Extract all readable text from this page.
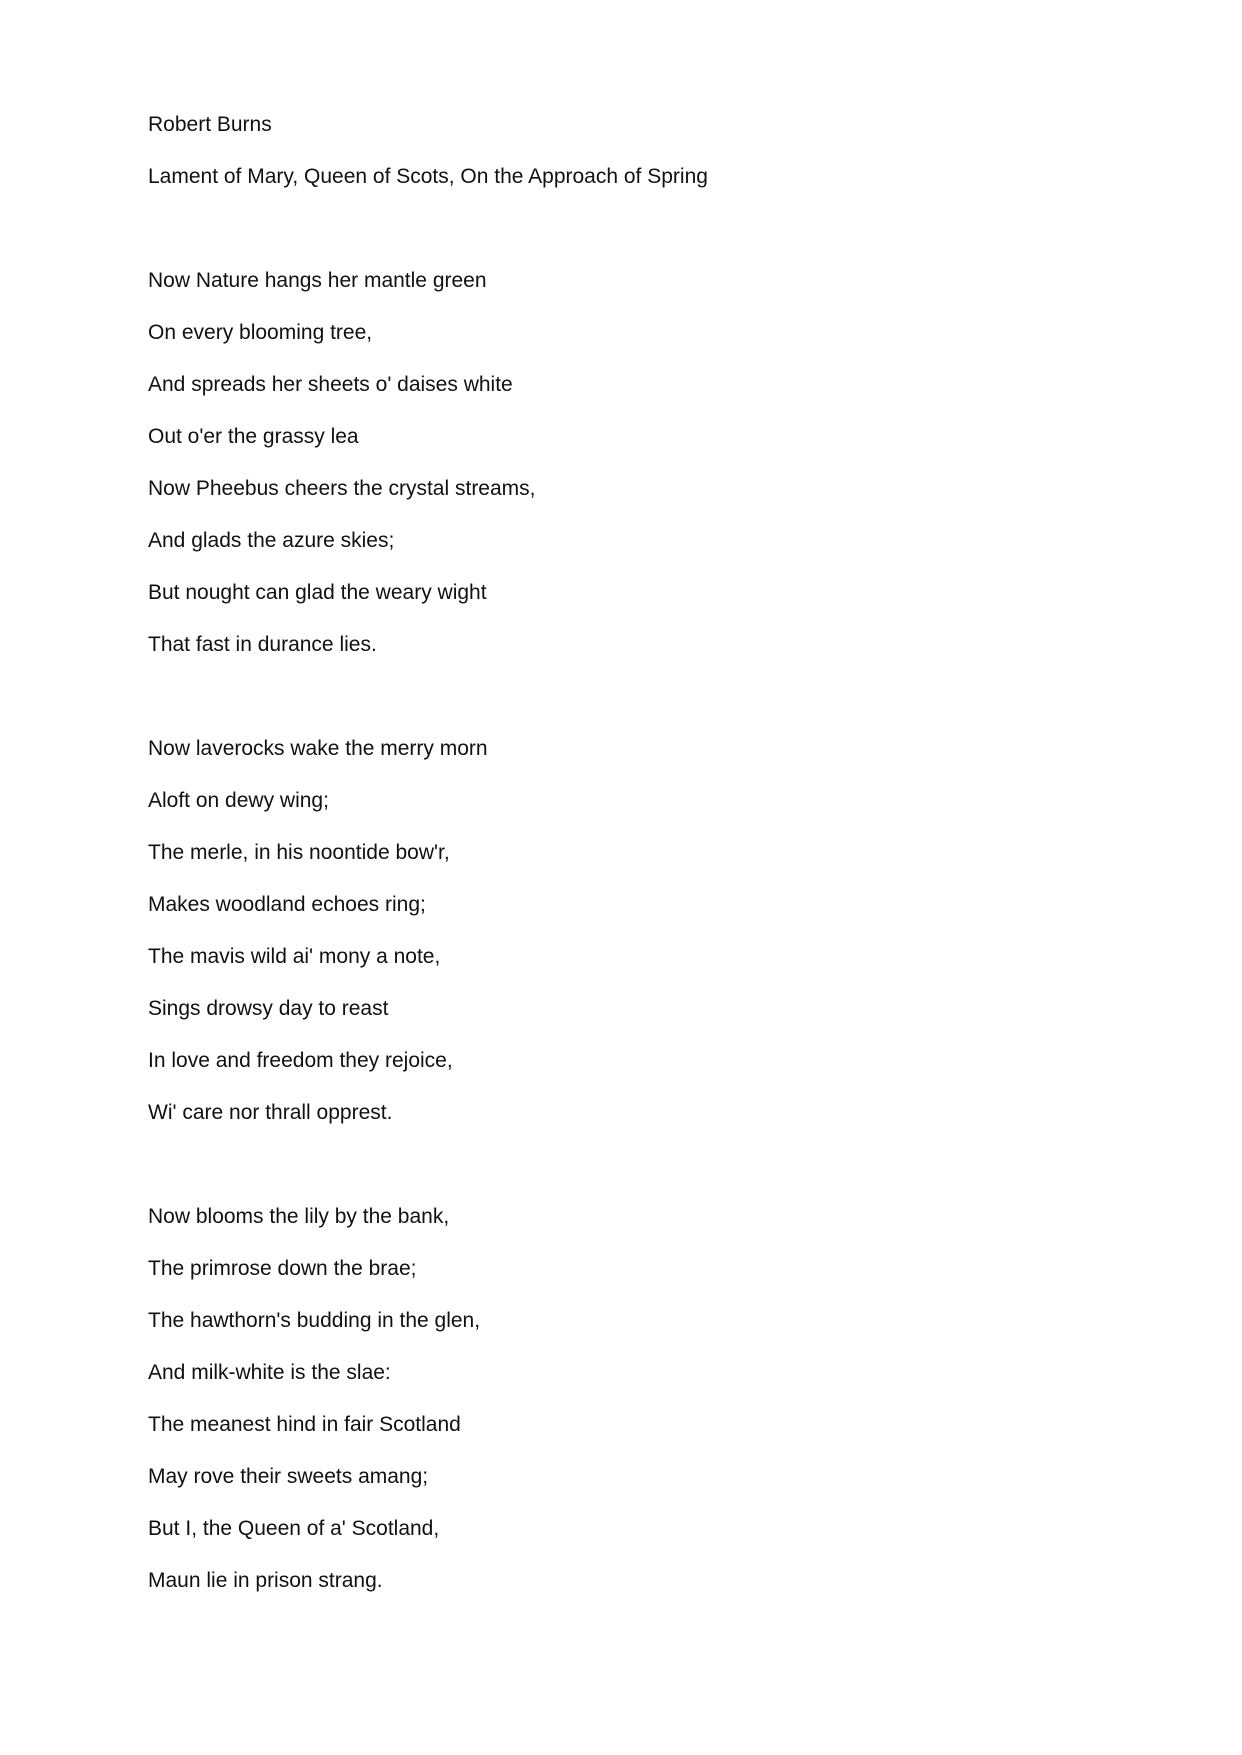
Robert Burns
Lament of Mary, Queen of Scots, On the Approach of Spring
Now Nature hangs her mantle green
On every blooming tree,
And spreads her sheets o' daises white
Out o'er the grassy lea
Now Pheebus cheers the crystal streams,
And glads the azure skies;
But nought can glad the weary wight
That fast in durance lies.
Now laverocks wake the merry morn
Aloft on dewy wing;
The merle, in his noontide bow'r,
Makes woodland echoes ring;
The mavis wild ai' mony a note,
Sings drowsy day to reast
In love and freedom they rejoice,
Wi' care nor thrall opprest.
Now blooms the lily by the bank,
The primrose down the brae;
The hawthorn's budding in the glen,
And milk-white is the slae:
The meanest hind in fair Scotland
May rove their sweets amang;
But I, the Queen of a' Scotland,
Maun lie in prison strang.
